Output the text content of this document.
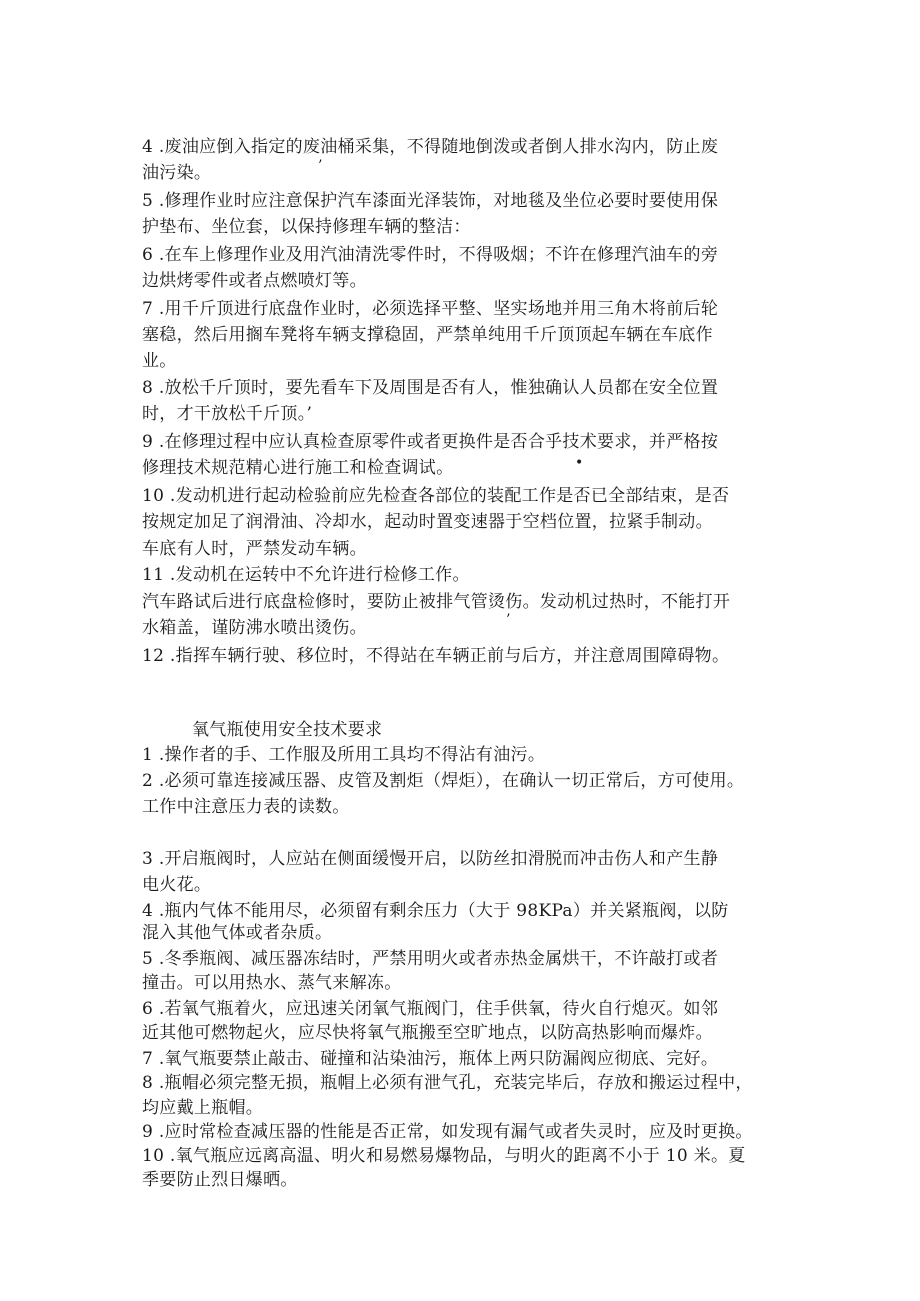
4 .废油应倒入指定的废油桶采集，不得随地倒泼或者倒人排水沟内，防止废
油污染。	’
5 .修理作业时应注意保护汽车漆面光泽装饰，对地毯及坐位必要时要使用保
护垫布、坐位套，以保持修理车辆的整洁：
6 .在车上修理作业及用汽油清洗零件时，不得吸烟；不许在修理汽油车的旁
边烘烤零件或者点燃喷灯等。
7 .用千斤顶进行底盘作业时，必须选择平整、坚实场地并用三角木将前后轮
塞稳，然后用搁车凳将车辆支撑稳固，严禁单纯用千斤顶顶起车辆在车底作
业。
8 .放松千斤顶时，要先看车下及周围是否有人，惟独确认人员都在安全位置
时，才干放松千斤顶。’
9 .在修理过程中应认真检查原零件或者更换件是否合乎技术要求，并严格按
修理技术规范精心进行施工和检查调试。	•
10 .发动机进行起动检验前应先检查各部位的装配工作是否已全部结束，是否
按规定加足了润滑油、冷却水，起动时置变速器于空档位置，拉紧手制动。
车底有人时，严禁发动车辆。
11 .发动机在运转中不允许进行检修工作。
汽车路试后进行底盘检修时，要防止被排气管烫伤。发动机过热时，不能打开
水箱盖，谨防沸水喷出烫伤。	’
12 .指挥车辆行驶、移位时，不得站在车辆正前与后方，并注意周围障碍物。
氧气瓶使用安全技术要求
1 .操作者的手、工作服及所用工具均不得沾有油污。
2 .必须可靠连接减压器、皮管及割炬（焊炬），在确认一切正常后，方可使用。
工作中注意压力表的读数。
3 .开启瓶阀时，人应站在侧面缓慢开启，以防丝扣滑脱而冲击伤人和产生静
电火花。
4 .瓶内气体不能用尽，必须留有剩余压力（大于 98KPa）并关紧瓶阀，以防
混入其他气体或者杂质。
5 .冬季瓶阀、减压器冻结时，严禁用明火或者赤热金属烘干，不许敲打或者
撞击。可以用热水、蒸气来解冻。
6 .若氧气瓶着火，应迅速关闭氧气瓶阀门，住手供氧，待火自行熄灭。如邻
近其他可燃物起火，应尽快将氧气瓶搬至空旷地点，以防高热影响而爆炸。
7 .氧气瓶要禁止敲击、碰撞和沾染油污，瓶体上两只防漏阀应彻底、完好。
8 .瓶帽必须完整无损，瓶帽上必须有泄气孔，充装完毕后，存放和搬运过程中，
均应戴上瓶帽。
9 .应时常检查减压器的性能是否正常，如发现有漏气或者失灵时，应及时更换。
10 .氧气瓶应远离高温、明火和易燃易爆物品，与明火的距离不小于 10 米。夏
季要防止烈日爆晒。
